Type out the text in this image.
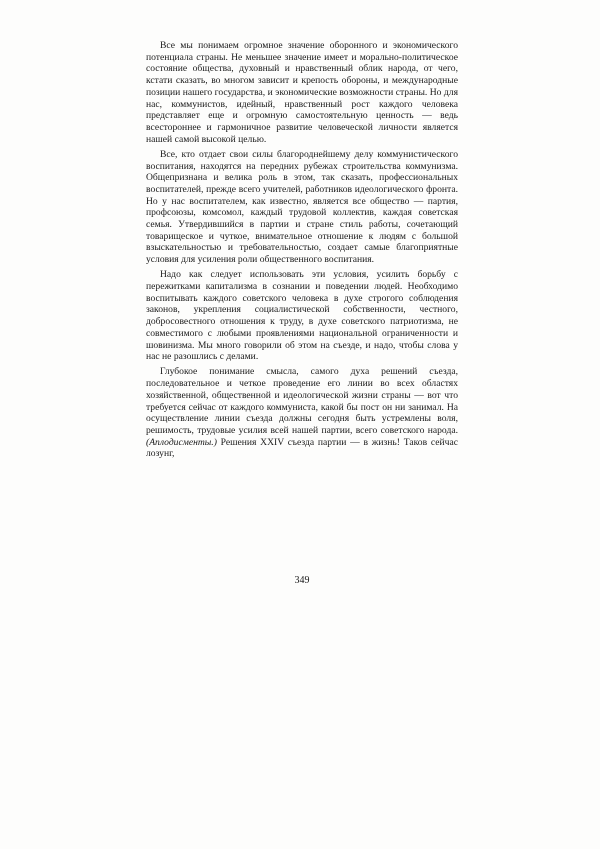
Все мы понимаем огромное значение оборонного и экономического потенциала страны. Не меньшее значение имеет и морально-политическое состояние общества, духовный и нравственный облик народа, от чего, кстати сказать, во многом зависит и крепость обороны, и международные позиции нашего государства, и экономические возможности страны. Но для нас, коммунистов, идейный, нравственный рост каждого человека представляет еще и огромную самостоятельную ценность — ведь всестороннее и гармоничное развитие человеческой личности является нашей самой высокой целью.

Все, кто отдает свои силы благороднейшему делу коммунистического воспитания, находятся на передних рубежах строительства коммунизма. Общепризнана и велика роль в этом, так сказать, профессиональных воспитателей, прежде всего учителей, работников идеологического фронта. Но у нас воспитателем, как известно, является все общество — партия, профсоюзы, комсомол, каждый трудовой коллектив, каждая советская семья. Утвердившийся в партии и стране стиль работы, сочетающий товарищеское и чуткое, внимательное отношение к людям с большой взыскательностью и требовательностью, создает самые благоприятные условия для усиления роли общественного воспитания.

Надо как следует использовать эти условия, усилить борьбу с пережитками капитализма в сознании и поведении людей. Необходимо воспитывать каждого советского человека в духе строгого соблюдения законов, укрепления социалистической собственности, честного, добросовестного отношения к труду, в духе советского патриотизма, не совместимого с любыми проявлениями национальной ограниченности и шовинизма. Мы много говорили об этом на съезде, и надо, чтобы слова у нас не разошлись с делами.

Глубокое понимание смысла, самого духа решений съезда, последовательное и четкое проведение его линии во всех областях хозяйственной, общественной и идеологической жизни страны — вот что требуется сейчас от каждого коммуниста, какой бы пост он ни занимал. На осуществление линии съезда должны сегодня быть устремлены воля, решимость, трудовые усилия всей нашей партии, всего советского народа. (Аплодисменты.) Решения XXIV съезда партии — в жизнь! Таков сейчас лозунг,

349
